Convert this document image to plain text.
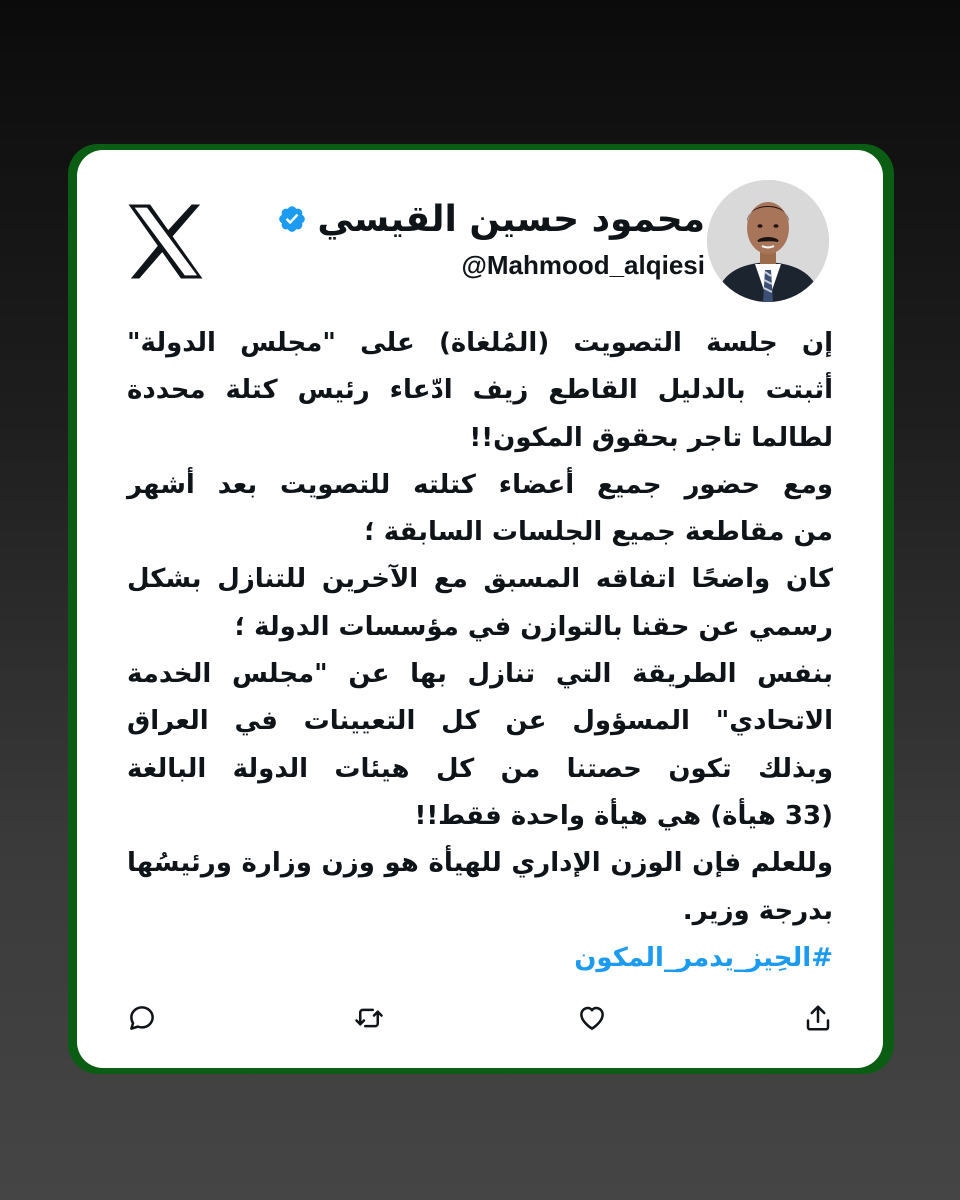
محمود حسين القيسي
@Mahmood_alqiesi
إن جلسة التصويت (المُلغاة) على "مجلس الدولة"
أثبتت بالدليل القاطع زيف ادّعاء رئيس كتلة محددة
لطالما تاجر بحقوق المكون!!
ومع حضور جميع أعضاء كتلته للتصويت بعد أشهر
من مقاطعة جميع الجلسات السابقة ؛
كان واضحًا اتفاقه المسبق مع الآخرين للتنازل بشكل
رسمي عن حقنا بالتوازن في مؤسسات الدولة ؛
بنفس الطريقة التي تنازل بها عن "مجلس الخدمة
الاتحادي" المسؤول عن كل التعيينات في العراق
وبذلك تكون حصتنا من كل هيئات الدولة البالغة
(33 هيأة) هي هيأة واحدة فقط!!
وللعلم فإن الوزن الإداري للهيأة هو وزن وزارة ورئيسُها
بدرجة وزير.
#الحِيز_يدمر_المكون
